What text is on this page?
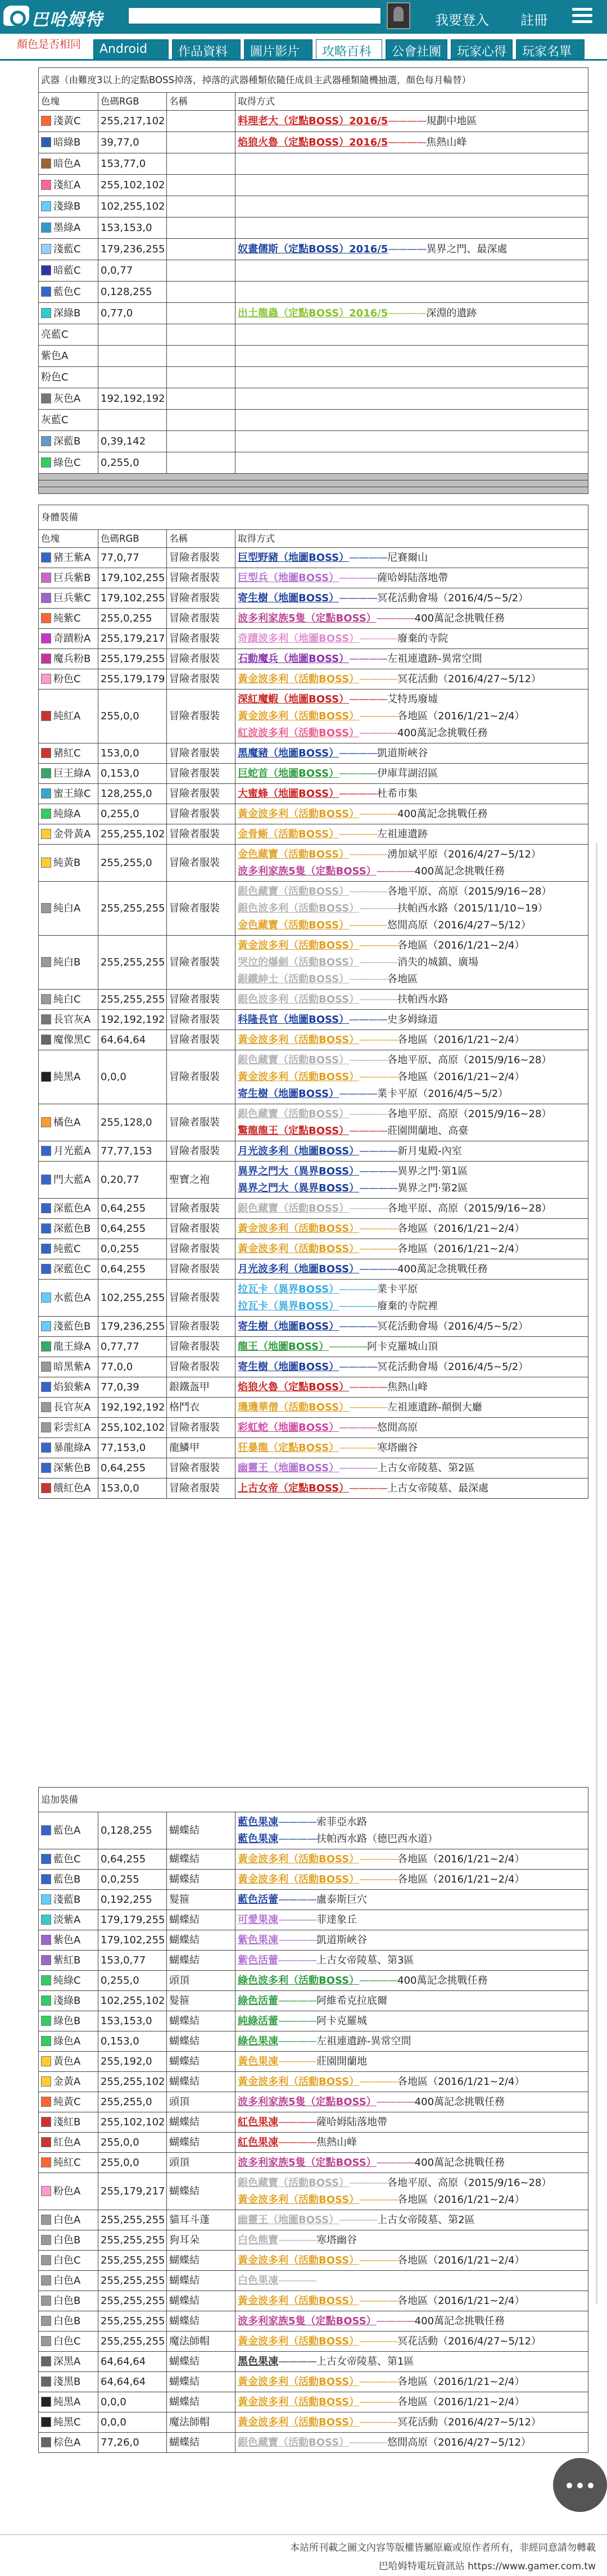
巴哈姆特	我要登入 註冊
顏色是否相同	Android	作品資料	圖片影片	攻略百科	公會社團	玩家心得	玩家名單
武器（由難度3以上的定點BOSS掉落，掉落的武器種類依隨任成員主武器種類隨機抽選，顏色每月輪替）			
色塊	色碼RGB	名稱	取得方式
淺黃C	255,217,102		料理老大（定點BOSS）2016/5————規劃中地區

暗綠B	39,77,0		焰狼火魯（定點BOSS）2016/5————焦熱山峰

暗色A	153,77,0		
淺紅A	255,102,102		
淺綠B	102,255,102		
墨綠A	153,153,0		
淺藍C	179,236,255		奴畫儒斯（定點BOSS）2016/5————異界之門、最深處

暗藍C	0,0,77		
藍色C	0,128,255		
深綠B	0,77,0		出土龍蟲（定點BOSS）2016/5————深淵的遺跡

亮藍C			
紫色A			
粉色C			
灰色A	192,192,192		
灰藍C			
深藍B	0,39,142		
綠色C	0,255,0		

身體裝備			
色塊	色碼RGB	名稱	取得方式
豬王紫A	77,0,77	冒險者服裝	巨型野豬（地圖BOSS）————尼賽爾山

巨兵紫B	179,102,255	冒險者服裝	巨型兵（地圖BOSS）————薩哈姆陆落地帶

巨兵紫C	179,102,255	冒險者服裝	寄生樹（地圖BOSS）————冥花活動會場（2016/4/5~5/2）

純紫C	255,0,255	冒險者服裝	波多利家族5隻（定點BOSS）————400萬記念挑戰任務

奇蹟粉A	255,179,217	冒險者服裝	奇蹟波多利（地圖BOSS）————廢棄的寺院

魔兵粉B	255,179,255	冒險者服裝	石動魔兵（地圖BOSS）————左祖連遺跡-異常空間

粉色C	255,179,179	冒險者服裝	黃金波多利（活動BOSS）————冥花活動（2016/4/27~5/12）

純紅A	255,0,0	冒險者服裝	深紅魔蝦（地圖BOSS）————艾特馬廢墟
黃金波多利（活動BOSS）————各地區（2016/1/21~2/4）
紅波波多利（活動BOSS）————400萬記念挑戰任務

豬紅C	153,0,0	冒險者服裝	黑魔豬（地圖BOSS）————凱道斯峽谷

巨王綠A	0,153,0	冒險者服裝	巨蛇首（地圖BOSS）————伊庫茸湖沼區

蜜王綠C	128,255,0	冒險者服裝	大蜜蜂（地圖BOSS）————杜希市集

純綠A	0,255,0	冒險者服裝	黃金波多利（活動BOSS）————400萬記念挑戰任務

金骨黃A	255,255,102	冒險者服裝	金骨蜥（活動BOSS）————左祖連遺跡

純黃B	255,255,0	冒險者服裝	金色藏寶（活動BOSS）————湧加斌平原（2016/4/27~5/12）
波多利家族5隻（定點BOSS）————400萬記念挑戰任務

純白A	255,255,255	冒險者服裝	銀色藏寶（活動BOSS）————各地平原、高原（2015/9/16~28）
銀色波多利（活動BOSS）————扶帕西水路（2015/11/10~19）
金色藏寶（活動BOSS）————悠閒高原（2016/4/27~5/12）

純白B	255,255,255	冒險者服裝	黃金波多利（活動BOSS）————各地區（2016/1/21~2/4）
哭泣的爆劍（活動BOSS）————消失的城鎮、廣場
銀鐵紳士（活動BOSS）————各地區

純白C	255,255,255	冒險者服裝	銀色波多利（活動BOSS）————扶帕西水路

長官灰A	192,192,192	冒險者服裝	科隆長官（地圖BOSS）————史多姆綠道

魔像黑C	64,64,64	冒險者服裝	黃金波多利（活動BOSS）————各地區（2016/1/21~2/4）

純黑A	0,0,0	冒險者服裝	銀色藏寶（活動BOSS）————各地平原、高原（2015/9/16~28）
黃金波多利（活動BOSS）————各地區（2016/1/21~2/4）
寄生樹（地圖BOSS）————業卡平原（2016/4/5~5/2）

橘色A	255,128,0	冒險者服裝	銀色藏寶（活動BOSS）————各地平原、高原（2015/9/16~28）
驚龍龍王（定點BOSS）————莊園開蘭地、高臺

月光藍A	77,77,153	冒險者服裝	月光波多利（地圖BOSS）————新月鬼殿-內室

門大藍A	0,20,77	聖寶之袍	異界之門大（異界BOSS）————異界之門‧第1區
異界之門大（異界BOSS）————異界之門‧第2區

深藍色A	0,64,255	冒險者服裝	銀色藏寶（活動BOSS）————各地平原、高原（2015/9/16~28）

深藍色B	0,64,255	冒險者服裝	黃金波多利（活動BOSS）————各地區（2016/1/21~2/4）

純藍C	0,0,255	冒險者服裝	黃金波多利（活動BOSS）————各地區（2016/1/21~2/4）

深藍色C	0,64,255	冒險者服裝	月光波多利（地圖BOSS）————400萬記念挑戰任務

水藍色A	102,255,255	冒險者服裝	拉瓦卡（異界BOSS）————業卡平原
拉瓦卡（異界BOSS）————廢棄的寺院裡

淺藍色B	179,236,255	冒險者服裝	寄生樹（地圖BOSS）————冥花活動會場（2016/4/5~5/2）

龍王綠A	0,77,77	冒險者服裝	龍王（地圖BOSS）————阿卡克羅城山頂

暗黑紫A	77,0,0	冒險者服裝	寄生樹（地圖BOSS）————冥花活動會場（2016/4/5~5/2）

焰狼紫A	77,0,39	銀鐵盔甲	焰狼火魯（定點BOSS）————焦熱山峰

長官灰A	192,192,192	格鬥衣	璣璣華僧（活動BOSS）————左祖連遺跡-顛倒大廳

彩雲紅A	255,102,102	冒險者服裝	彩虹蛇（地圖BOSS）————悠閒高原

暴龍綠A	77,153,0	龍鱗甲	狂暴龍（定點BOSS）————寒塔幽谷

深紫色B	0,64,255	冒險者服裝	幽靈王（地圖BOSS）————上古女帝陵墓、第2區

餓紅色A	153,0,0	冒險者服裝	上古女帝（定點BOSS）————上古女帝陵墓、最深處
追加裝備			
藍色A	0,128,255	蝴蝶結	藍色果凍————索菲亞水路
藍色果凍————扶帕西水路（德巴西水道）

藍色C	0,64,255	蝴蝶結	黃金波多利（活動BOSS）————各地區（2016/1/21~2/4）

藍色B	0,0,255	蝴蝶結	黃金波多利（活動BOSS）————各地區（2016/1/21~2/4）

淺藍B	0,192,255	髮箍	藍色活蕾————盧泰斯巨穴

淡紫A	179,179,255	蝴蝶結	可愛果凍————菲達象丘

紫色A	179,102,255	蝴蝶結	紫色果凍————凱道斯峽谷

紫紅B	153,0,77	蝴蝶結	紫色活蕾————上古女帝陵墓、第3區

純綠C	0,255,0	頭頂	綠色波多利（活動BOSS）————400萬記念挑戰任務

淺綠B	102,255,102	髮箍	綠色活蕾————阿維希克拉底爾

綠色B	153,153,0	蝴蝶結	純綠活蕾————阿卡克羅城

綠色A	0,153,0	蝴蝶結	綠色果凍————左祖連遺跡-異常空間

黃色A	255,192,0	蝴蝶結	黃色果凍————莊園開蘭地

金黃A	255,255,102	蝴蝶結	黃金波多利（活動BOSS）————各地區（2016/1/21~2/4）

純黃C	255,255,0	頭頂	波多利家族5隻（定點BOSS）————400萬記念挑戰任務

淺紅B	255,102,102	蝴蝶結	紅色果凍————薩哈姆陆落地帶

紅色A	255,0,0	蝴蝶結	紅色果凍————焦熱山峰

純紅C	255,0,0	頭頂	波多利家族5隻（定點BOSS）————400萬記念挑戰任務

粉色A	255,179,217	蝴蝶結	銀色藏寶（活動BOSS）————各地平原、高原（2015/9/16~28）
黃金波多利（活動BOSS）————各地區（2016/1/21~2/4）

白色A	255,255,255	貓耳斗蓬	幽靈王（地圖BOSS）————上古女帝陵墓、第2區

白色B	255,255,255	狗耳朵	白色熊寶————寒塔幽谷

白色C	255,255,255	蝴蝶結	黃金波多利（活動BOSS）————各地區（2016/1/21~2/4）

白色A	255,255,255	蝴蝶結	白色果凍————

白色B	255,255,255	蝴蝶結	黃金波多利（活動BOSS）————各地區（2016/1/21~2/4）

白色B	255,255,255	蝴蝶結	波多利家族5隻（定點BOSS）————400萬記念挑戰任務

白色C	255,255,255	魔法師帽	黃金波多利（活動BOSS）————冥花活動（2016/4/27~5/12）

深黑A	64,64,64	蝴蝶結	黑色果凍————上古女帝陵墓、第1區

淺黑B	64,64,64	蝴蝶結	黃金波多利（活動BOSS）————各地區（2016/1/21~2/4）

純黑A	0,0,0	蝴蝶結	黃金波多利（活動BOSS）————各地區（2016/1/21~2/4）

純黑C	0,0,0	魔法師帽	黃金波多利（活動BOSS）————冥花活動（2016/4/27~5/12）

棕色A	77,26,0	蝴蝶結	銀色藏寶（活動BOSS）————悠閒高原（2016/4/27~5/12）
本站所刊載之圖文內容等版權皆屬原廠或原作者所有，非經同意請勿轉載
巴哈姆特電玩資訊站 https://www.gamer.com.tw
